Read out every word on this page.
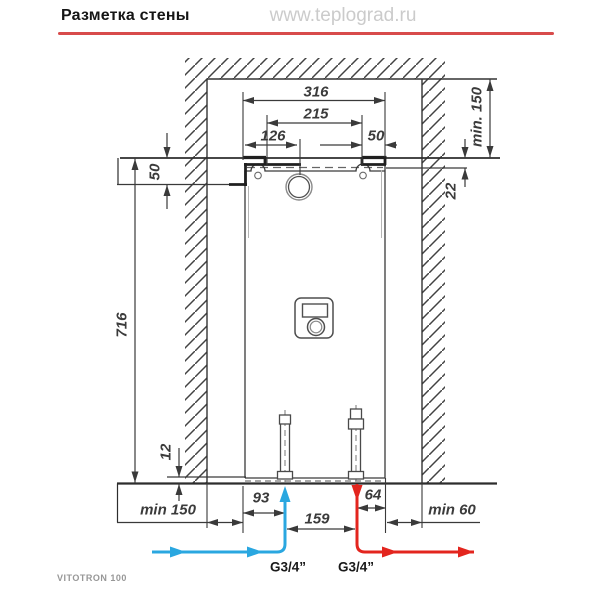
Разметка стены	www.teplograd.ru
316
215
126	50
50
22
716
min. 150
12
min 150
93
159
64
min 60
G3/4” G3/4”
VITOTRON 100
